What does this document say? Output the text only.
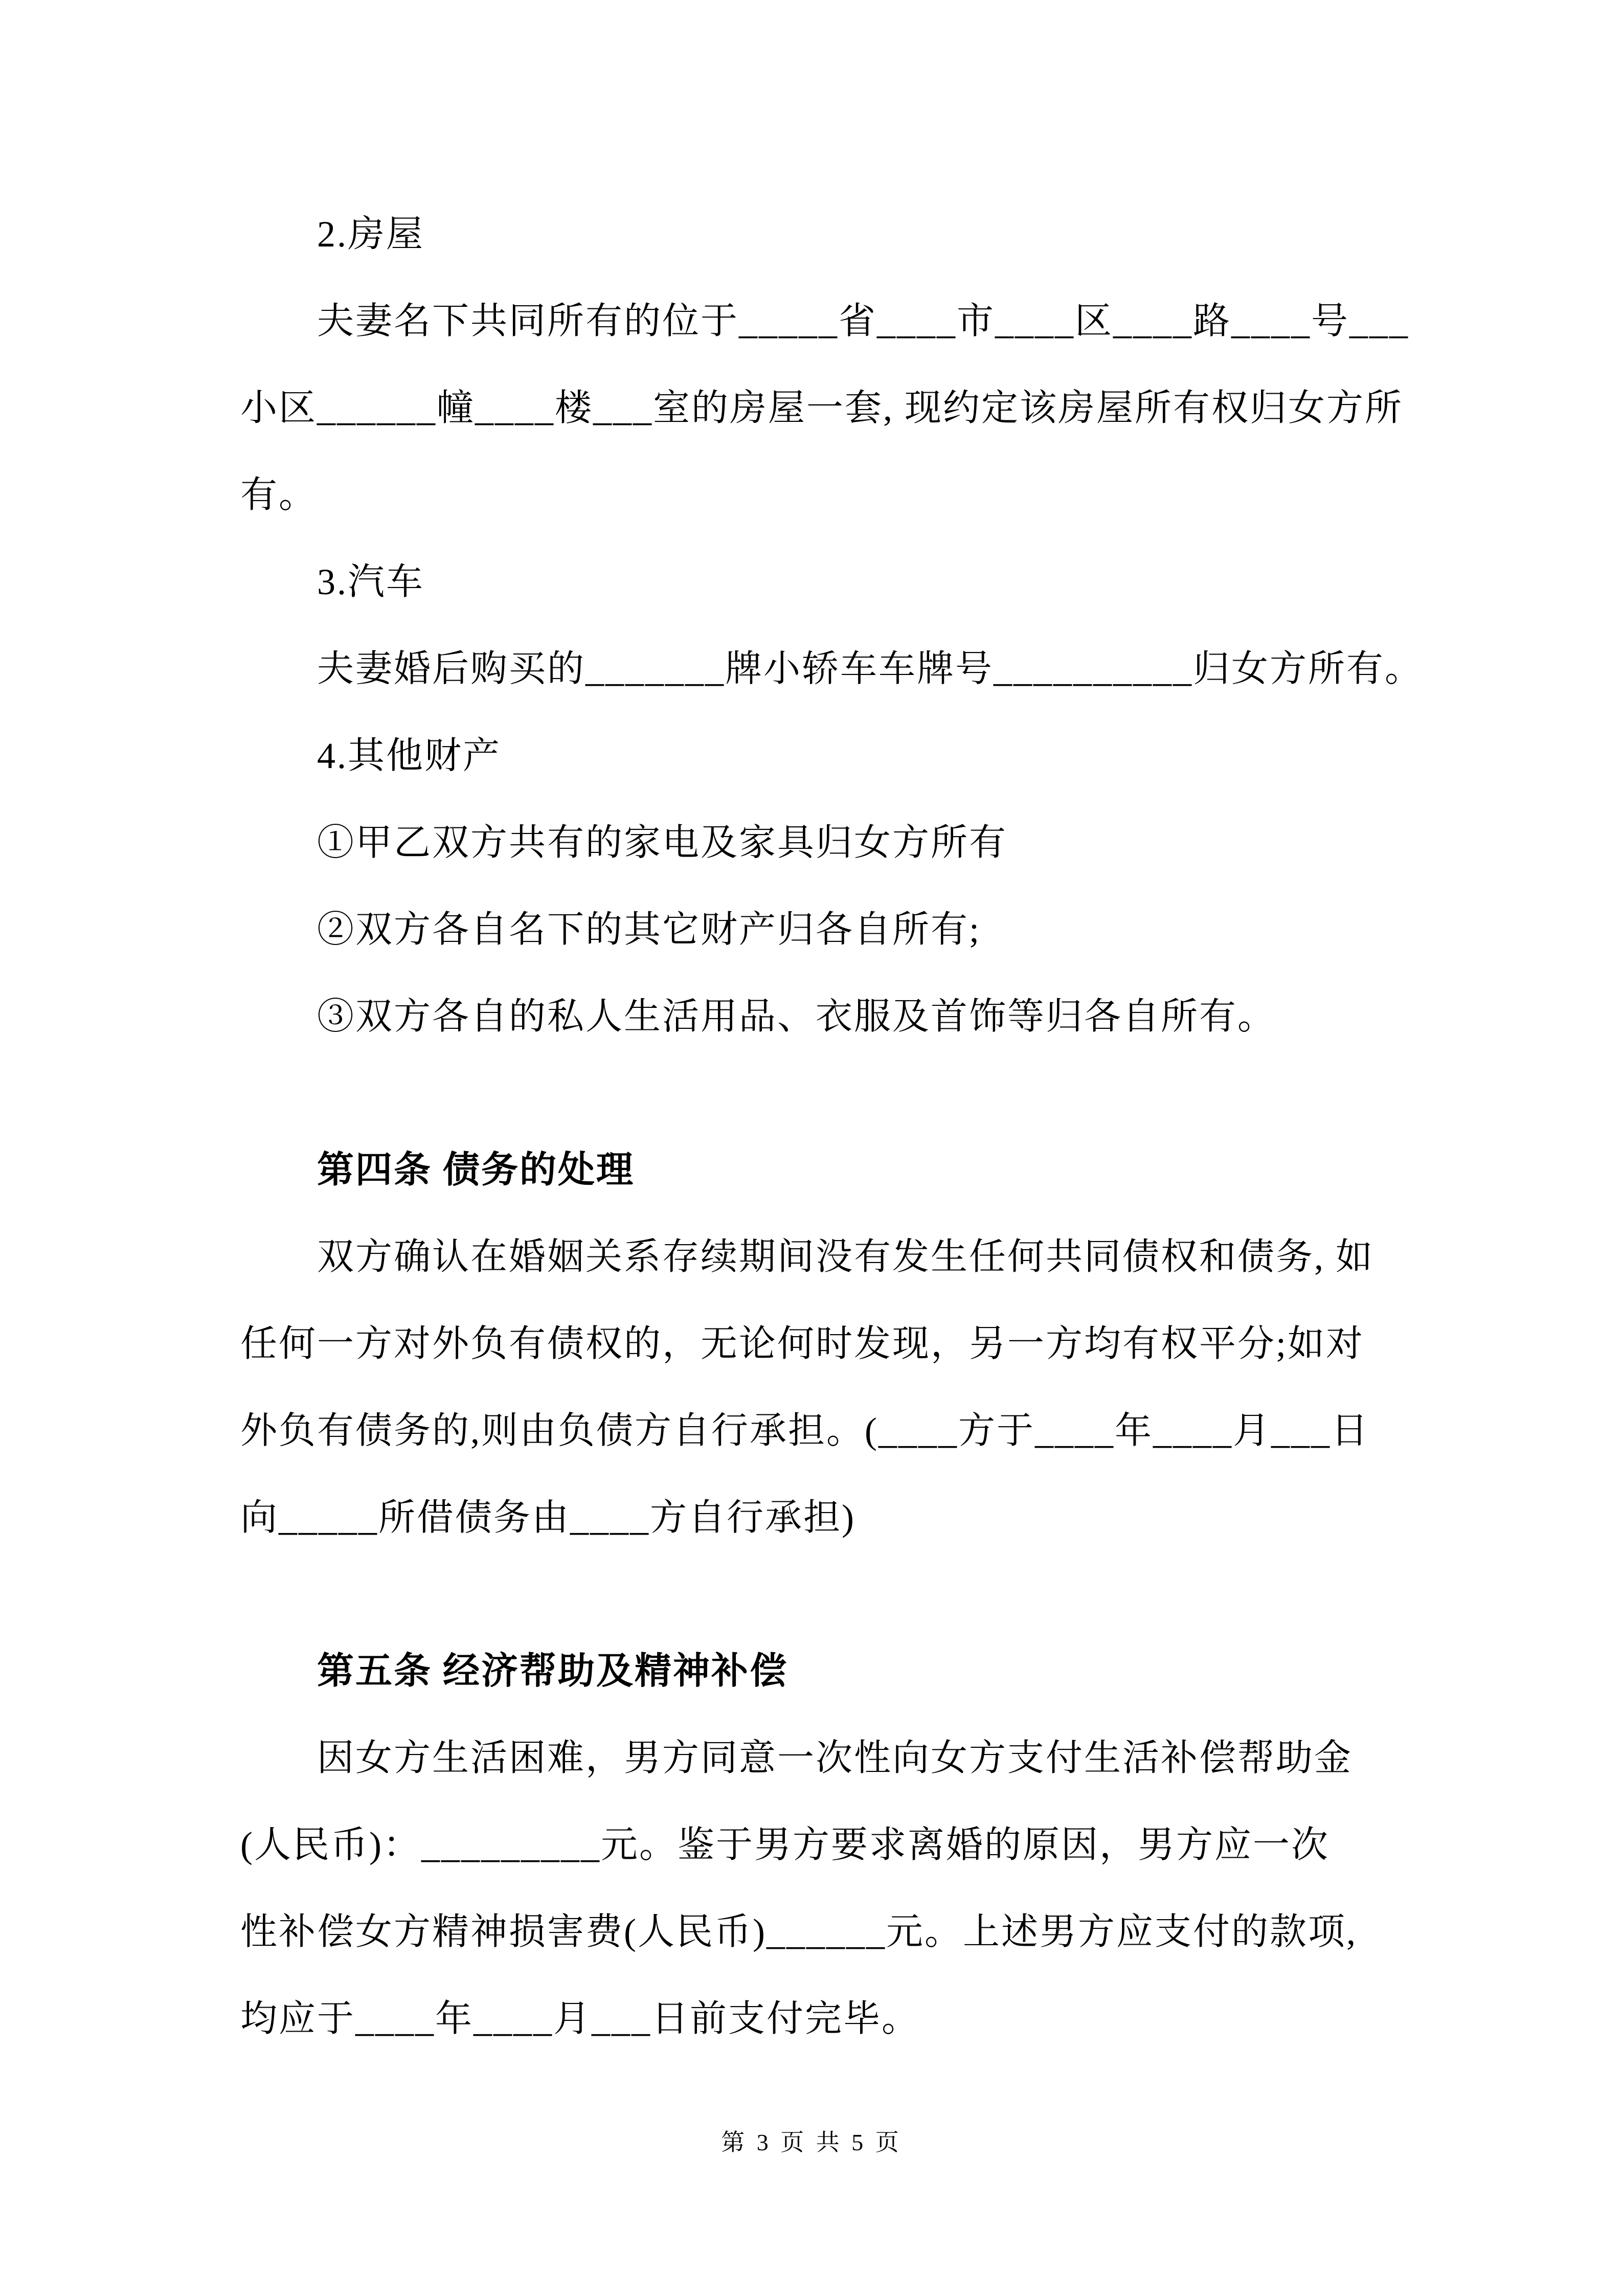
2.房屋
夫妻名下共同所有的位于_____省____市____区____路____号___
小区______幢____楼___室的房屋一套, 现约定该房屋所有权归女方所
有。
3.汽车
夫妻婚后购买的_______牌小轿车车牌号__________归女方所有。
4.其他财产
①甲乙双方共有的家电及家具归女方所有
②双方各自名下的其它财产归各自所有;
③双方各自的私人生活用品、衣服及首饰等归各自所有。
第四条 债务的处理
双方确认在婚姻关系存续期间没有发生任何共同债权和债务, 如
任何一方对外负有债权的，无论何时发现，另一方均有权平分;如对
外负有债务的,则由负债方自行承担。(____方于____年____月___日
向_____所借债务由____方自行承担)
第五条 经济帮助及精神补偿
因女方生活困难，男方同意一次性向女方支付生活补偿帮助金
(人民币)：_________元。鉴于男方要求离婚的原因，男方应一次
性补偿女方精神损害费(人民币)______元。上述男方应支付的款项,
均应于____年____月___日前支付完毕。
第 3 页 共 5 页
